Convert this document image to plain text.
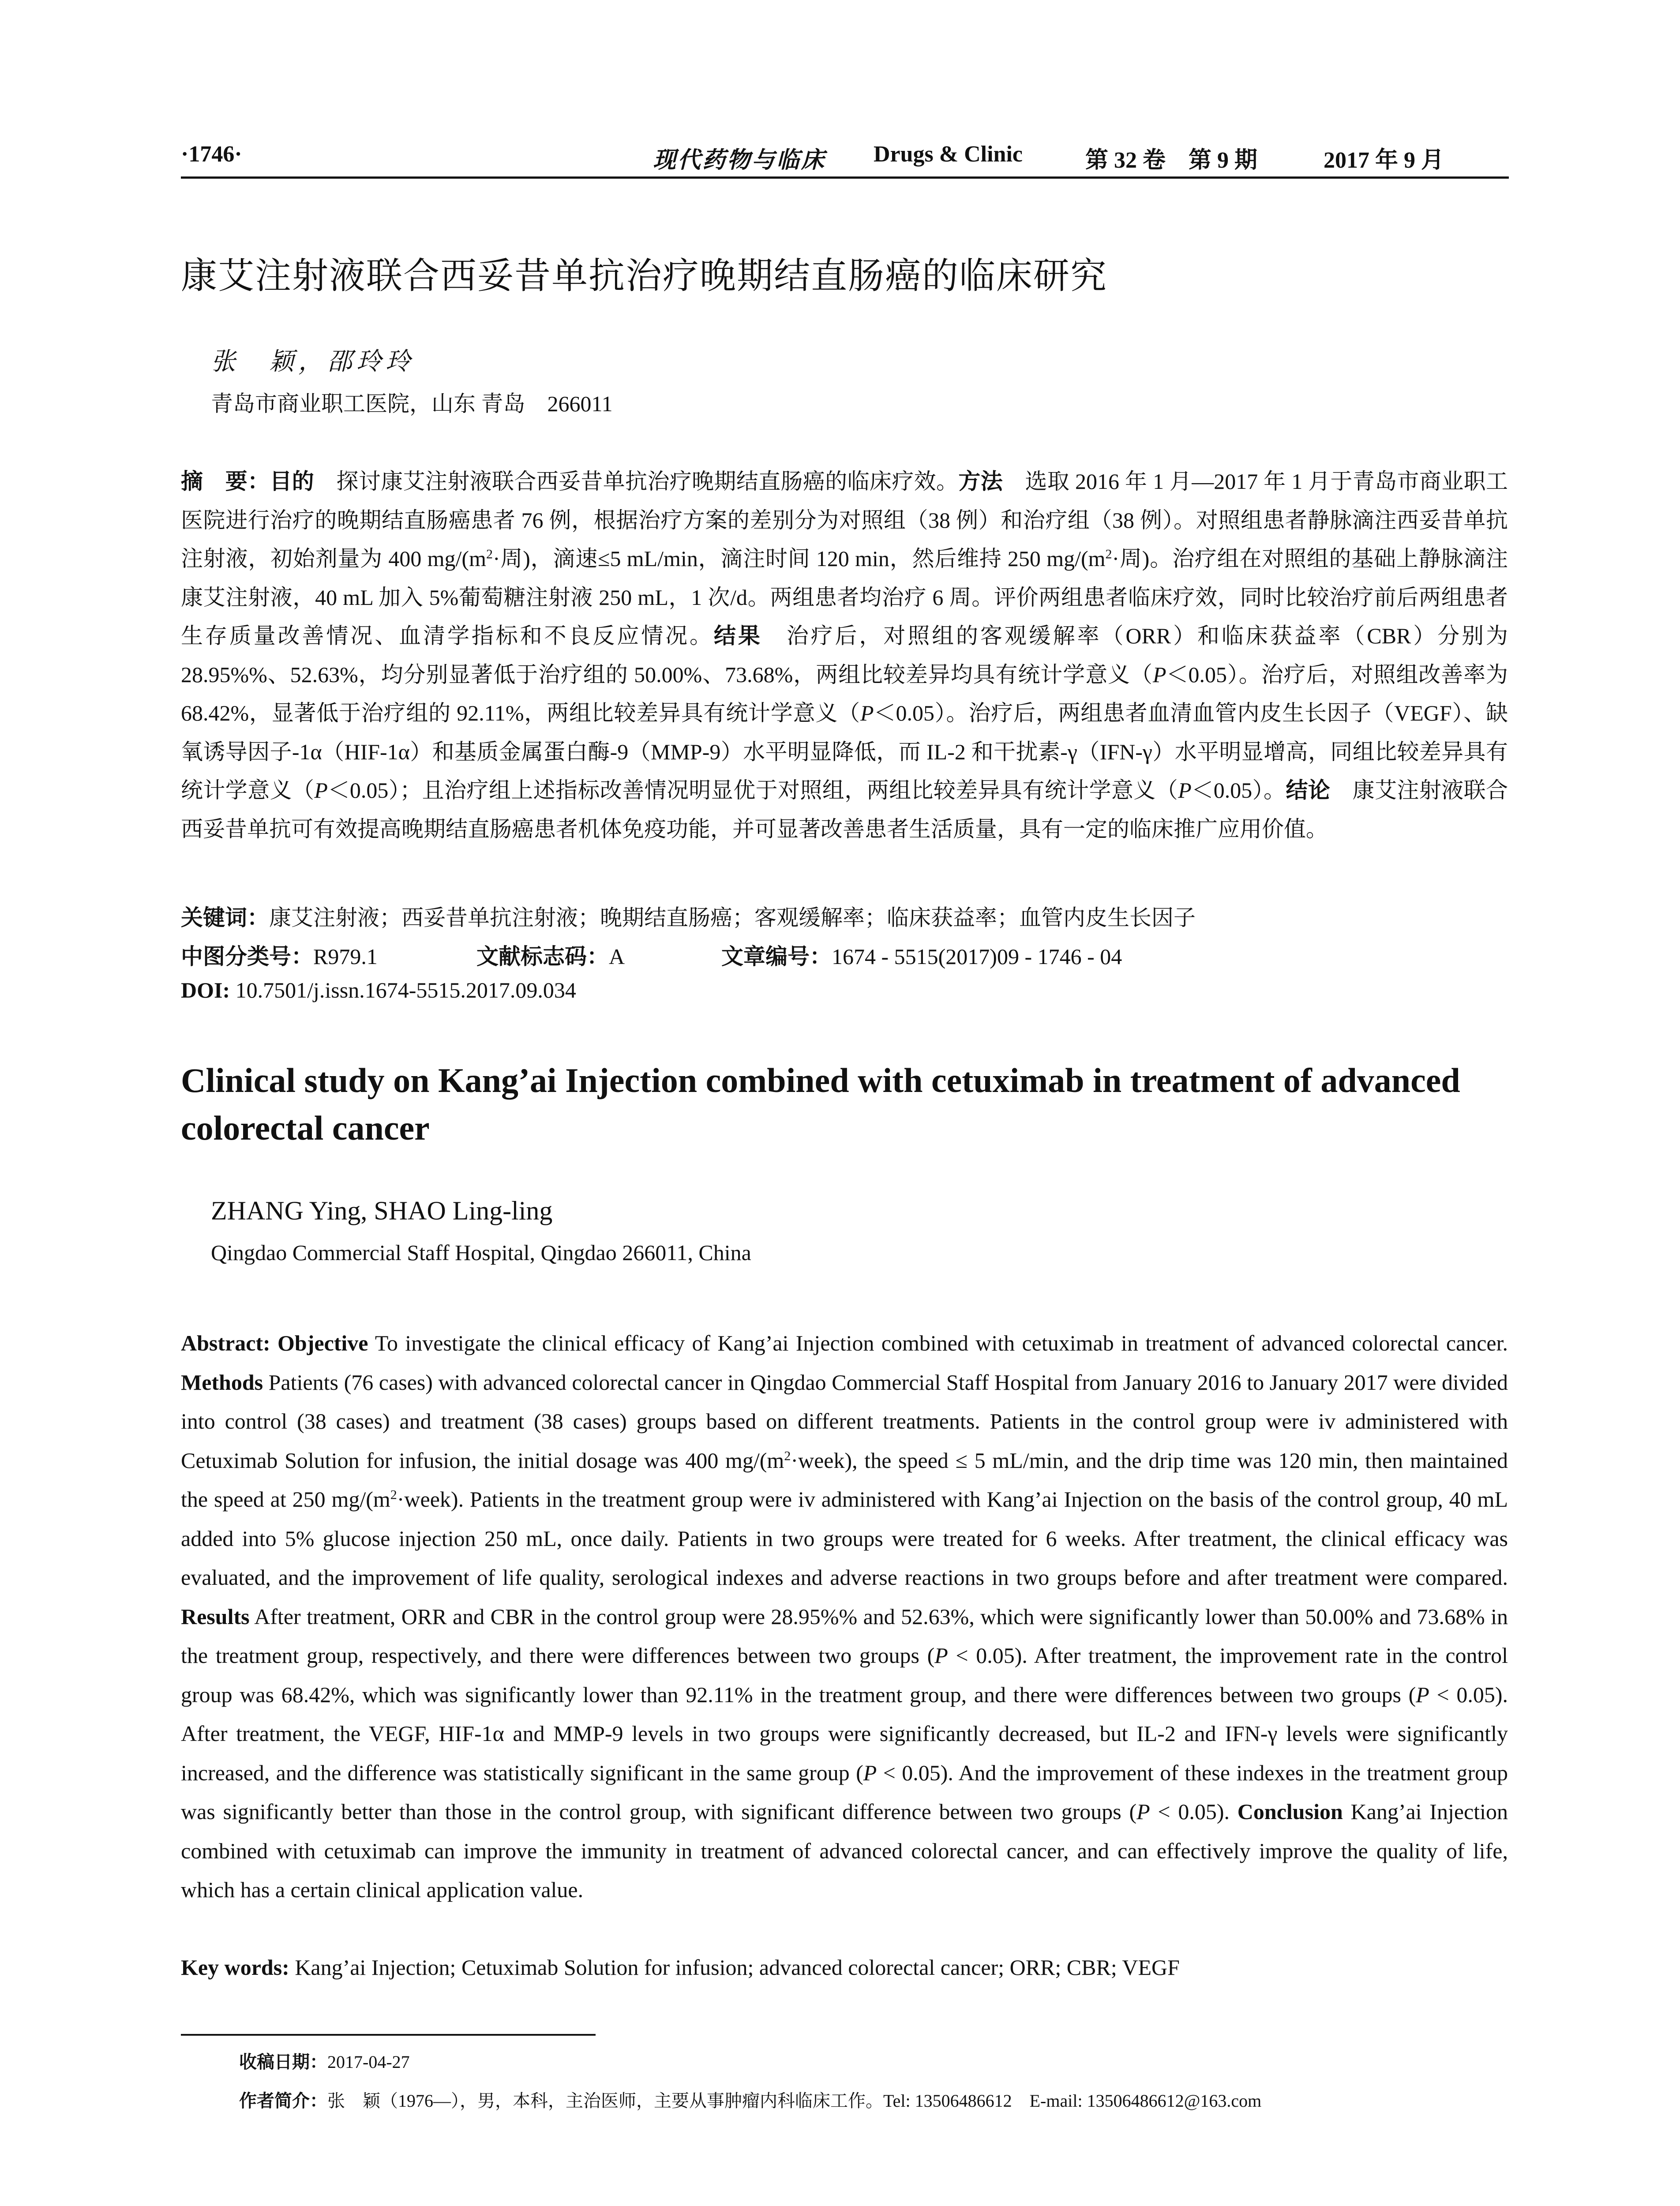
·1746·	现代药物与临床 Drugs & Clinic	第 32 卷　第 9 期	2017 年 9 月
康艾注射液联合西妥昔单抗治疗晚期结直肠癌的临床研究
张　颖，邵玲玲
青岛市商业职工医院，山东 青岛　266011
摘　要：目的　探讨康艾注射液联合西妥昔单抗治疗晚期结直肠癌的临床疗效。方法　选取 2016 年 1 月—2017 年 1 月于青岛市商业职工医院进行治疗的晚期结直肠癌患者 76 例，根据治疗方案的差别分为对照组（38 例）和治疗组（38 例）。对照组患者静脉滴注西妥昔单抗注射液，初始剂量为 400 $mg/(m^2\cdot$周)，滴速≤5 mL/min，滴注时间 120 min，然后维持 250 $mg/(m^2\cdot$周)。治疗组在对照组的基础上静脉滴注康艾注射液，40 mL 加入 5%葡萄糖注射液 250 mL，1 次/d。两组患者均治疗 6 周。评价两组患者临床疗效，同时比较治疗前后两组患者生存质量改善情况、血清学指标和不良反应情况。结果　治疗后，对照组的客观缓解率（ORR）和临床获益率（CBR）分别为 28.95%%、52.63%，均分别显著低于治疗组的 50.00%、73.68%，两组比较差异均具有统计学意义（P＜0.05）。治疗后，对照组改善率为 68.42%，显著低于治疗组的 92.11%，两组比较差异具有统计学意义（P＜0.05）。治疗后，两组患者血清血管内皮生长因子（VEGF）、缺氧诱导因子-1α（HIF-1α）和基质金属蛋白酶-9（MMP-9）水平明显降低，而 IL-2 和干扰素-γ（IFN-γ）水平明显增高，同组比较差异具有统计学意义（P＜0.05）；且治疗组上述指标改善情况明显优于对照组，两组比较差异具有统计学意义（P＜0.05）。结论　康艾注射液联合西妥昔单抗可有效提高晚期结直肠癌患者机体免疫功能，并可显著改善患者生活质量，具有一定的临床推广应用价值。
关键词：康艾注射液；西妥昔单抗注射液；晚期结直肠癌；客观缓解率；临床获益率；血管内皮生长因子
中图分类号：R979.1	文献标志码：A	文章编号：1674 - 5515(2017)09 - 1746 - 04
DOI: 10.7501/j.issn.1674-5515.2017.09.034
Clinical study on Kang’ai Injection combined with cetuximab in treatment of advanced colorectal cancer
ZHANG Ying, SHAO Ling-ling
Qingdao Commercial Staff Hospital, Qingdao 266011, China
Abstract: Objective To investigate the clinical efficacy of Kang’ai Injection combined with cetuximab in treatment of advanced colorectal cancer. Methods Patients (76 cases) with advanced colorectal cancer in Qingdao Commercial Staff Hospital from January 2016 to January 2017 were divided into control (38 cases) and treatment (38 cases) groups based on different treatments. Patients in the control group were iv administered with Cetuximab Solution for infusion, the initial dosage was 400 $mg/(m^2\cdot week)$, the speed ≤ 5 mL/min, and the drip time was 120 min, then maintained the speed at 250 $mg/(m^2\cdot week)$. Patients in the treatment group were iv administered with Kang’ai Injection on the basis of the control group, 40 mL added into 5% glucose injection 250 mL, once daily. Patients in two groups were treated for 6 weeks. After treatment, the clinical efficacy was evaluated, and the improvement of life quality, serological indexes and adverse reactions in two groups before and after treatment were compared. Results After treatment, ORR and CBR in the control group were 28.95%% and 52.63%, which were significantly lower than 50.00% and 73.68% in the treatment group, respectively, and there were differences between two groups (P < 0.05). After treatment, the improvement rate in the control group was 68.42%, which was significantly lower than 92.11% in the treatment group, and there were differences between two groups (P < 0.05). After treatment, the VEGF, HIF-1α and MMP-9 levels in two groups were significantly decreased, but IL-2 and IFN-γ levels were significantly increased, and the difference was statistically significant in the same group (P < 0.05). And the improvement of these indexes in the treatment group was significantly better than those in the control group, with significant difference between two groups (P < 0.05). Conclusion Kang’ai Injection combined with cetuximab can improve the immunity in treatment of advanced colorectal cancer, and can effectively improve the quality of life, which has a certain clinical application value.
Key words: Kang’ai Injection; Cetuximab Solution for infusion; advanced colorectal cancer; ORR; CBR; VEGF
收稿日期：2017-04-27
作者简介：张　颖（1976—），男，本科，主治医师，主要从事肿瘤内科临床工作。Tel: 13506486612　E-mail: 13506486612@163.com
